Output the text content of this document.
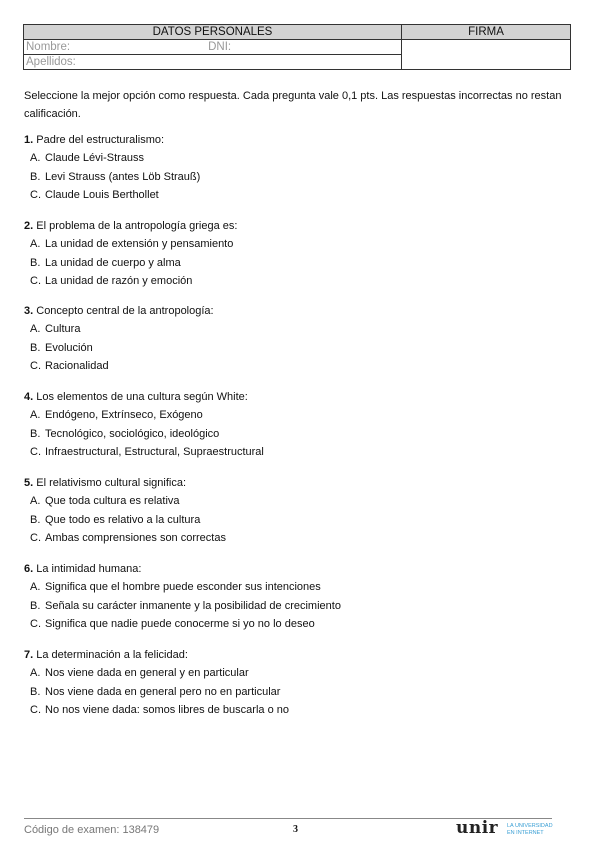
DATOS PERSONALES	FIRMA
Nombre: DNI:	
Apellidos:	

Seleccione la mejor opción como respuesta. Cada pregunta vale 0,1 pts. Las respuestas incorrectas no restan calificación.

1. Padre del estructuralismo:
A. Claude Lévi-Strauss
B. Levi Strauss (antes Löb Strauß)
C. Claude Louis Berthollet
2. El problema de la antropología griega es:
A. La unidad de extensión y pensamiento
B. La unidad de cuerpo y alma
C. La unidad de razón y emoción
3. Concepto central de la antropología:
A. Cultura
B. Evolución
C. Racionalidad
4. Los elementos de una cultura según White:
A. Endógeno, Extrínseco, Exógeno
B. Tecnológico, sociológico, ideológico
C. Infraestructural, Estructural, Supraestructural
5. El relativismo cultural significa:
A. Que toda cultura es relativa
B. Que todo es relativo a la cultura
C. Ambas comprensiones son correctas
6. La intimidad humana:
A. Significa que el hombre puede esconder sus intenciones
B. Señala su carácter inmanente y la posibilidad de crecimiento
C. Significa que nadie puede conocerme si yo no lo deseo
7. La determinación a la felicidad:
A. Nos viene dada en general y en particular
B. Nos viene dada en general pero no en particular
C. No nos viene dada: somos libres de buscarla o no
Código de examen: 138479	3	unir LA UNIVERSIDAD
EN INTERNET
